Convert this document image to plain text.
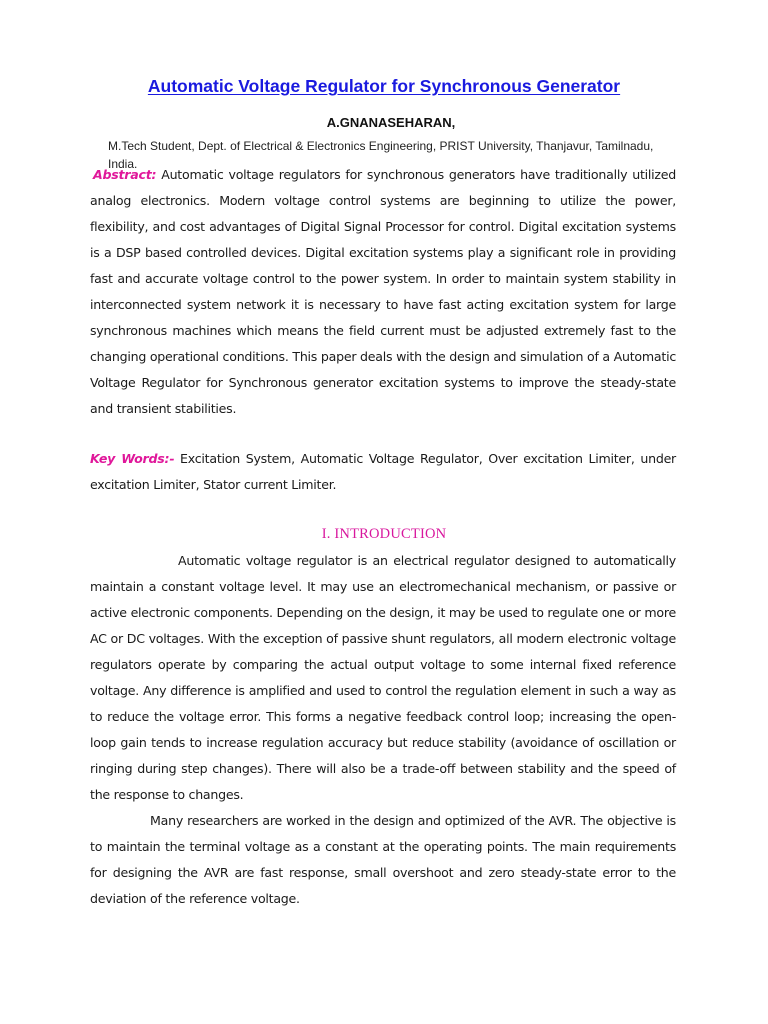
Automatic Voltage Regulator for Synchronous Generator
A.GNANASEHARAN,
M.Tech Student, Dept. of Electrical & Electronics Engineering, PRIST University, Thanjavur, Tamilnadu, India.
Abstract: Automatic voltage regulators for synchronous generators have traditionally utilized analog electronics. Modern voltage control systems are beginning to utilize the power, flexibility, and cost advantages of Digital Signal Processor for control. Digital excitation systems is a DSP based controlled devices. Digital excitation systems play a significant role in providing fast and accurate voltage control to the power system. In order to maintain system stability in interconnected system network it is necessary to have fast acting excitation system for large synchronous machines which means the field current must be adjusted extremely fast to the changing operational conditions. This paper deals with the design and simulation of a Automatic Voltage Regulator for Synchronous generator excitation systems to improve the steady-state and transient stabilities.
Key Words:- Excitation System, Automatic Voltage Regulator, Over excitation Limiter, under excitation Limiter, Stator current Limiter.
I. INTRODUCTION
Automatic voltage regulator is an electrical regulator designed to automatically maintain a constant voltage level. It may use an electromechanical mechanism, or passive or active electronic components. Depending on the design, it may be used to regulate one or more AC or DC voltages. With the exception of passive shunt regulators, all modern electronic voltage regulators operate by comparing the actual output voltage to some internal fixed reference voltage. Any difference is amplified and used to control the regulation element in such a way as to reduce the voltage error. This forms a negative feedback control loop; increasing the open-loop gain tends to increase regulation accuracy but reduce stability (avoidance of oscillation or ringing during step changes). There will also be a trade-off between stability and the speed of the response to changes.
Many researchers are worked in the design and optimized of the AVR. The objective is to maintain the terminal voltage as a constant at the operating points. The main requirements for designing the AVR are fast response, small overshoot and zero steady-state error to the deviation of the reference voltage.
